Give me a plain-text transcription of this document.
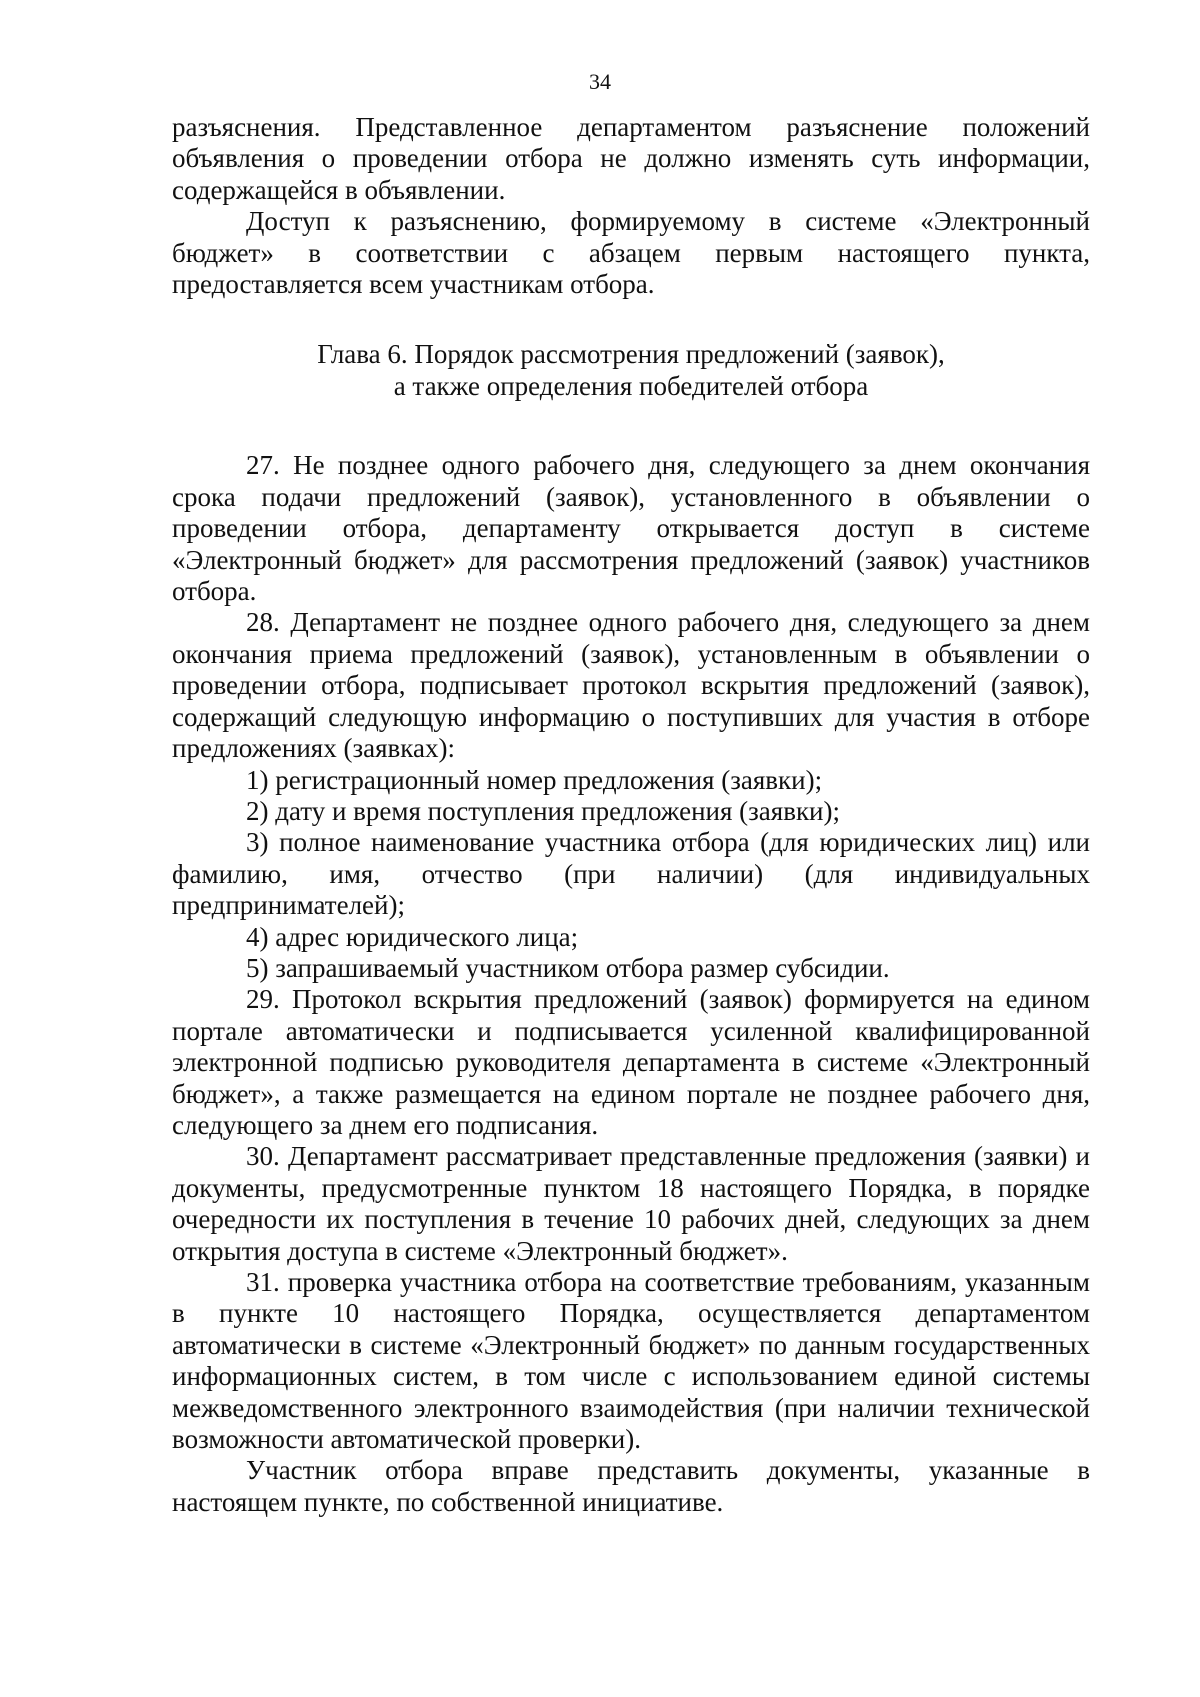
34

разъяснения. Представленное департаментом разъяснение положений объявления о проведении отбора не должно изменять суть информации, содержащейся в объявлении.

Доступ к разъяснению, формируемому в системе «Электронный бюджет» в соответствии с абзацем первым настоящего пункта, предоставляется всем участникам отбора.

Глава 6. Порядок рассмотрения предложений (заявок),
а также определения победителей отбора

27. Не позднее одного рабочего дня, следующего за днем окончания срока подачи предложений (заявок), установленного в объявлении о проведении отбора, департаменту открывается доступ в системе «Электронный бюджет» для рассмотрения предложений (заявок) участников отбора.

28. Департамент не позднее одного рабочего дня, следующего за днем окончания приема предложений (заявок), установленным в объявлении о проведении отбора, подписывает протокол вскрытия предложений (заявок), содержащий следующую информацию о поступивших для участия в отборе предложениях (заявках):

1) регистрационный номер предложения (заявки);

2) дату и время поступления предложения (заявки);

3) полное наименование участника отбора (для юридических лиц) или фамилию, имя, отчество (при наличии) (для индивидуальных предпринимателей);

4) адрес юридического лица;

5) запрашиваемый участником отбора размер субсидии.

29. Протокол вскрытия предложений (заявок) формируется на едином портале автоматически и подписывается усиленной квалифицированной электронной подписью руководителя департамента в системе «Электронный бюджет», а также размещается на едином портале не позднее рабочего дня, следующего за днем его подписания.

30. Департамент рассматривает представленные предложения (заявки) и документы, предусмотренные пунктом 18 настоящего Порядка, в порядке очередности их поступления в течение 10 рабочих дней, следующих за днем открытия доступа в системе «Электронный бюджет».

31. проверка участника отбора на соответствие требованиям, указанным в пункте 10 настоящего Порядка, осуществляется департаментом автоматически в системе «Электронный бюджет» по данным государственных информационных систем, в том числе с использованием единой системы межведомственного электронного взаимодействия (при наличии технической возможности автоматической проверки).

Участник отбора вправе представить документы, указанные в настоящем пункте, по собственной инициативе.
